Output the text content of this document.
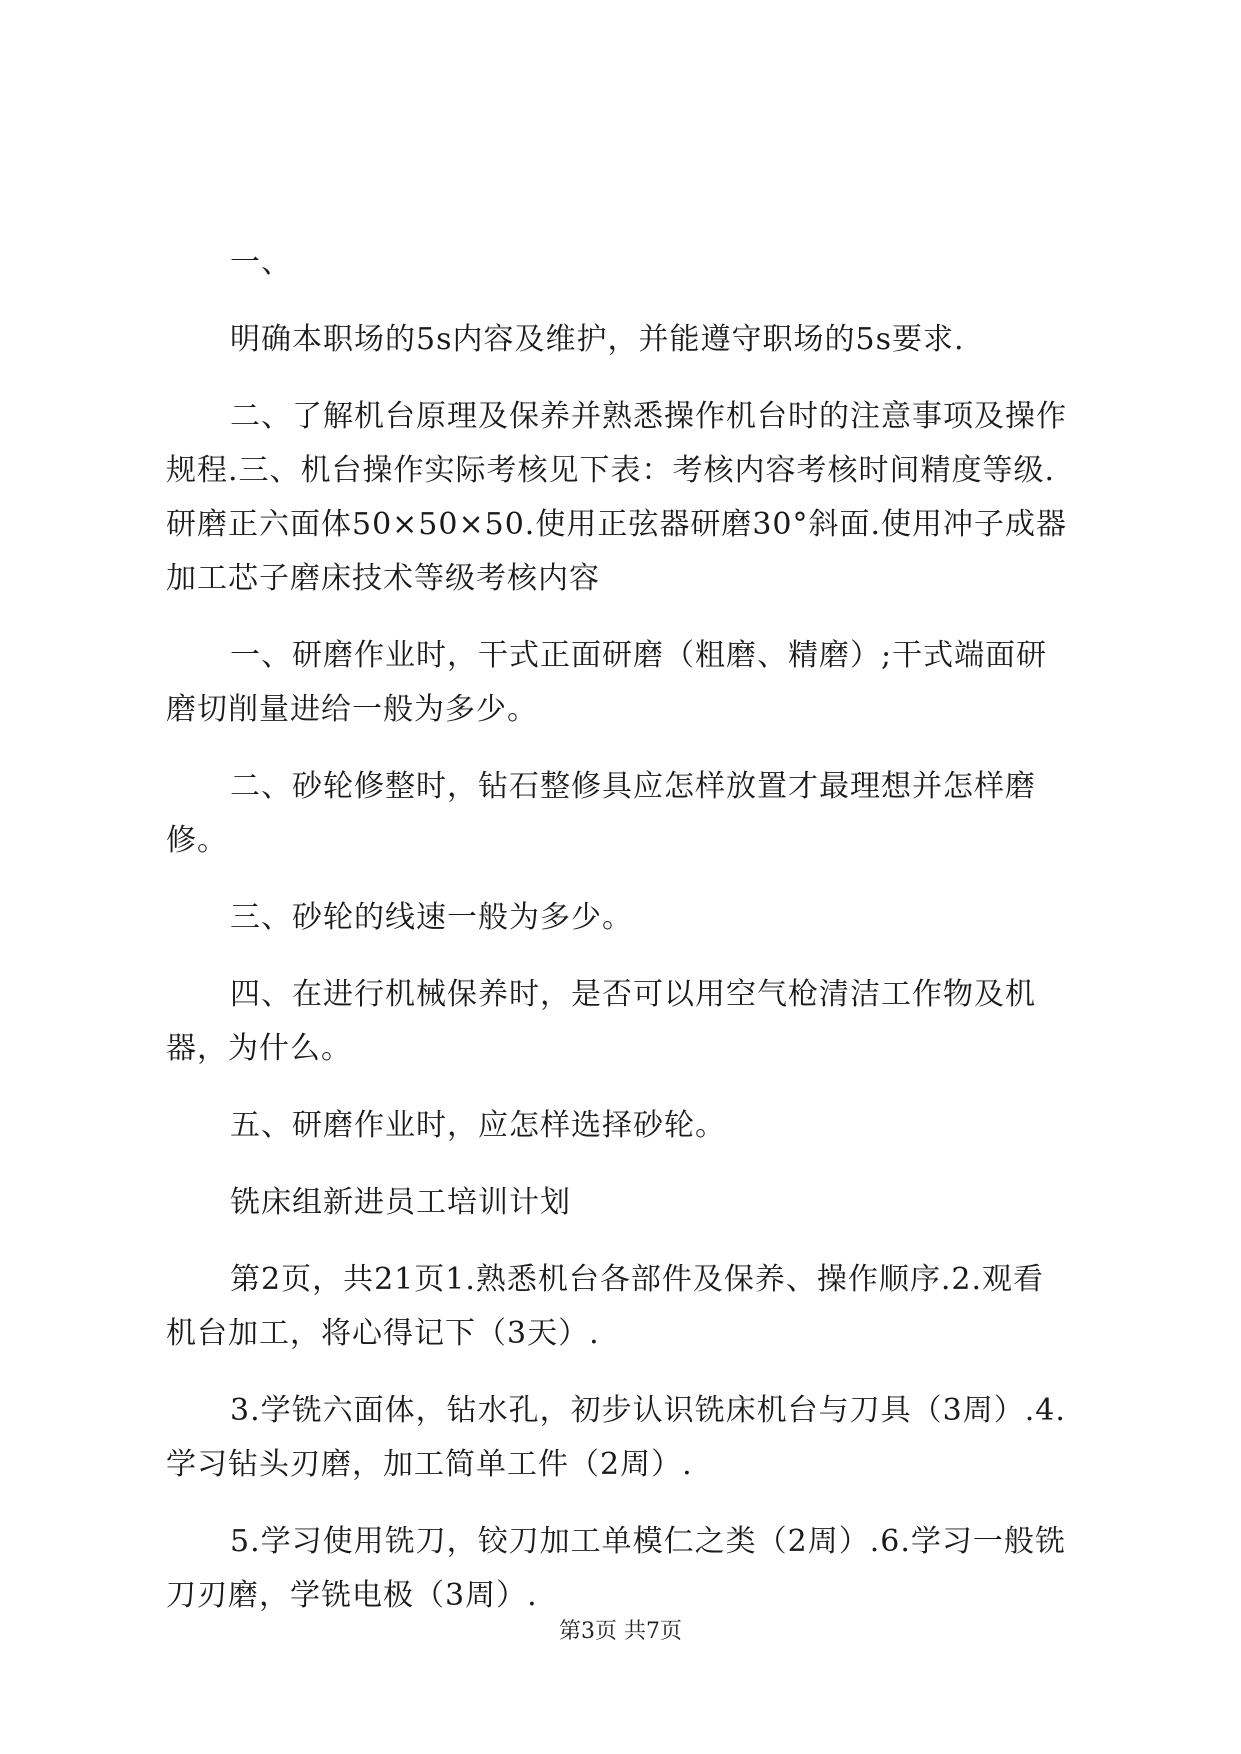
一、

明确本职场的5s内容及维护，并能遵守职场的5s要求.

二、了解机台原理及保养并熟悉操作机台时的注意事项及操作规程.三、机台操作实际考核见下表：考核内容考核时间精度等级.研磨正六面体50×50×50.使用正弦器研磨30°斜面.使用冲子成器加工芯子磨床技术等级考核内容

一、研磨作业时，干式正面研磨（粗磨、精磨）;干式端面研磨切削量进给一般为多少。

二、砂轮修整时，钻石整修具应怎样放置才最理想并怎样磨修。

三、砂轮的线速一般为多少。

四、在进行机械保养时，是否可以用空气枪清洁工作物及机器，为什么。

五、研磨作业时，应怎样选择砂轮。

铣床组新进员工培训计划

第2页，共21页1.熟悉机台各部件及保养、操作顺序.2.观看机台加工，将心得记下（3天）.

3.学铣六面体，钻水孔，初步认识铣床机台与刀具（3周）.4.学习钻头刃磨，加工简单工件（2周）.

5.学习使用铣刀，铰刀加工单模仁之类（2周）.6.学习一般铣刀刃磨，学铣电极（3周）.

第3页 共7页
